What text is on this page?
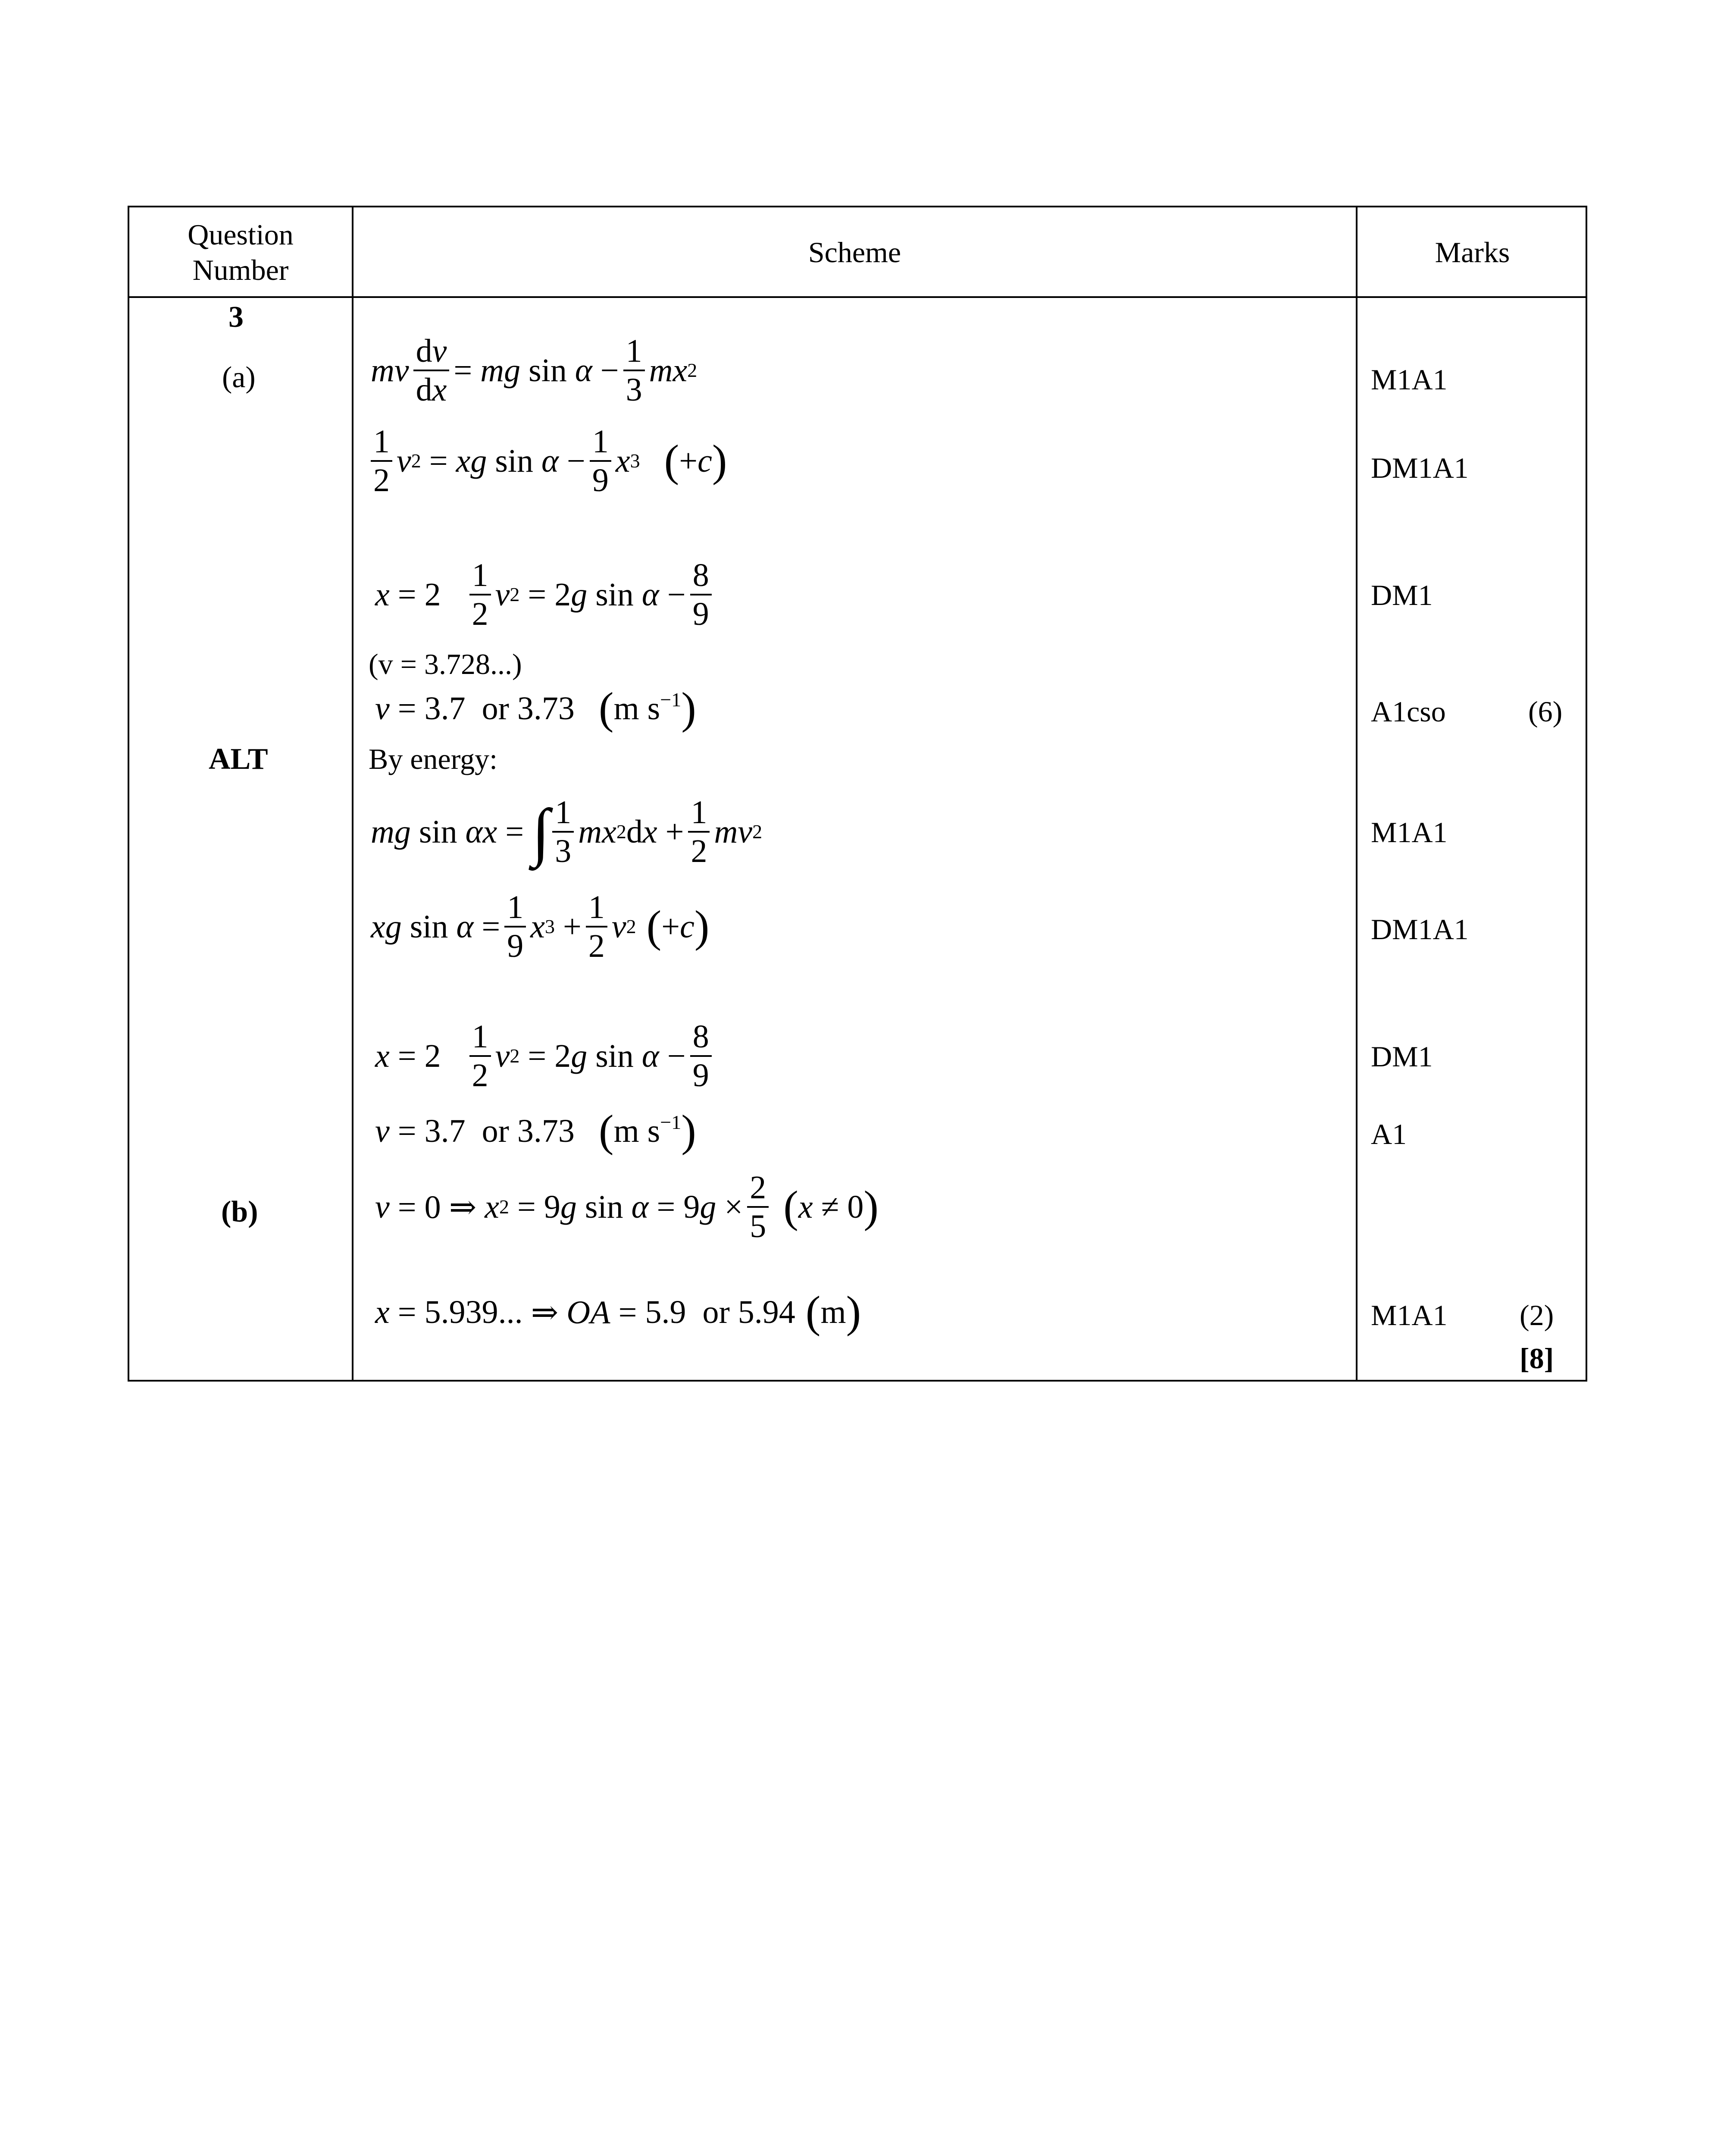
Question Number
Scheme	Marks
3
(a)
ALT
(b)
mv $\frac{dv}{dx}$ = mg $\sin \alpha - \frac{1}{3}$ mx 2
$\frac{1}{2}$ v 2 = xg $\sin \alpha - \frac{1}{9}$ x 3 ( +c )
$x = 2 \frac{1}{2}$ v 2 = 2g $\sin \alpha - \frac{8}{9}$
(v = 3.728...)
v = 3.7 or 3.73 ( m $s^{-1}$ )
By energy:
mg sin αx = ∫ $\frac{1}{3}$ mx 2 dx + $\frac{1}{2}$ mv 2
xg $\sin \alpha = \frac{1}{9}$ x $3 + \frac{1}{2}$ v 2 ( +c )
$x = 2 \frac{1}{2}$ v 2 = 2g $\sin \alpha - \frac{8}{9}$
v = 3.7 or 3.73 ( m $s^{-1}$ )
v = 0 ⇒ x 2 = 9g $\sin \alpha = 9g \times \frac{2}{5}$ ( x ≠ 0 )
x = 5.939... ⇒ OA = 5.9 or 5.94 ( m )
M1A1
DM1A1
DM1
A1cso	(6)
M1A1
DM1A1
DM1
A1
M1A1 (2)
[8]
